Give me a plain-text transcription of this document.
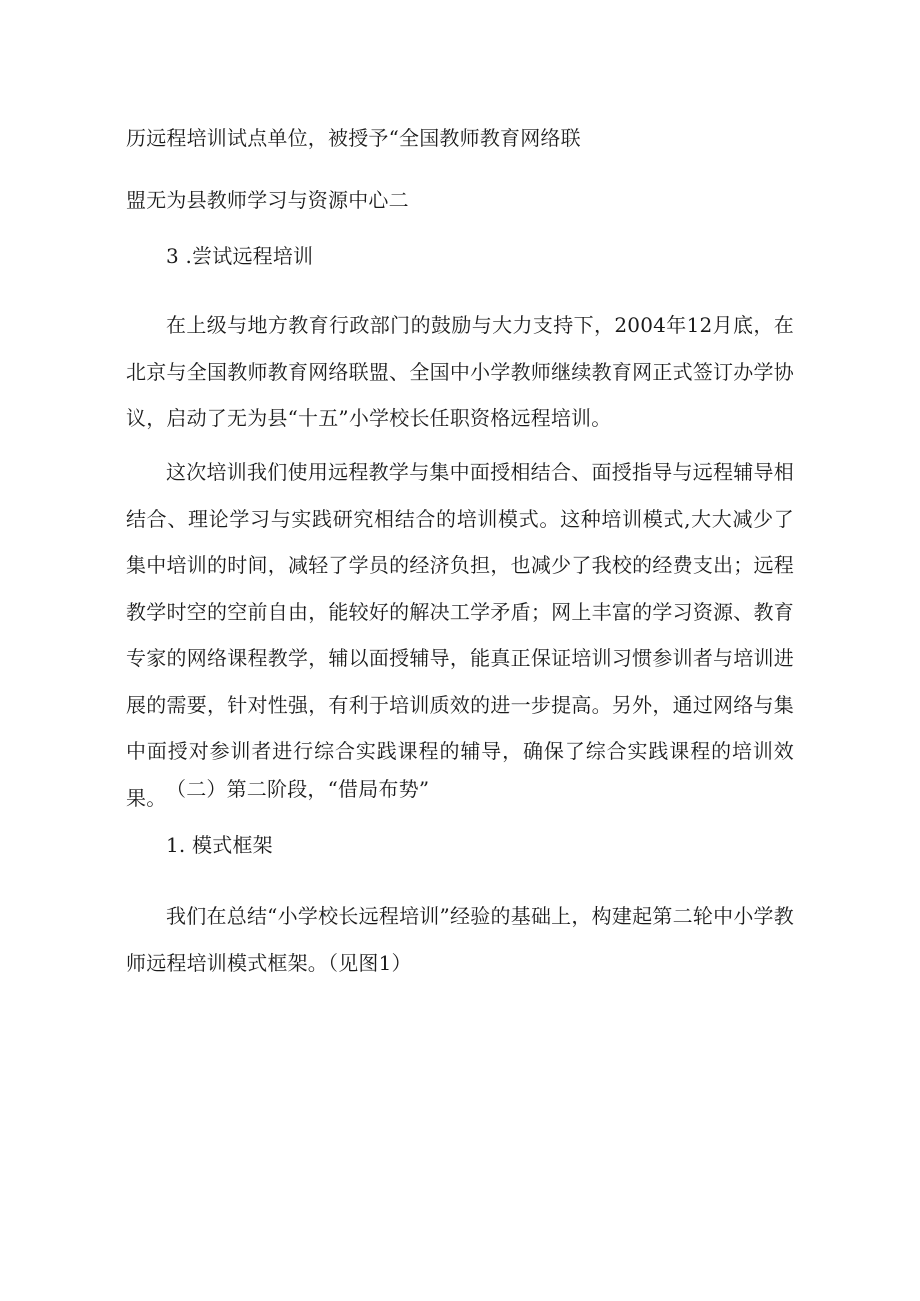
历远程培训试点单位，被授予“全国教师教育网络联
盟无为县教师学习与资源中心二
3 .尝试远程培训
在上级与地方教育行政部门的鼓励与大力支持下，2004年12月底，在北京与全国教师教育网络联盟、全国中小学教师继续教育网正式签订办学协议，启动了无为县“十五”小学校长任职资格远程培训。
这次培训我们使用远程教学与集中面授相结合、面授指导与远程辅导相结合、理论学习与实践研究相结合的培训模式。这种培训模式,大大减少了集中培训的时间，减轻了学员的经济负担，也减少了我校的经费支出；远程教学时空的空前自由，能较好的解决工学矛盾；网上丰富的学习资源、教育专家的网络课程教学，辅以面授辅导，能真正保证培训习惯参训者与培训进展的需要，针对性强，有利于培训质效的进一步提高。另外，通过网络与集中面授对参训者进行综合实践课程的辅导，确保了综合实践课程的培训效果。 （二）第二阶段，“借局布势”
1. 模式框架
我们在总结“小学校长远程培训”经验的基础上，构建起第二轮中小学教师远程培训模式框架。（见图1）
